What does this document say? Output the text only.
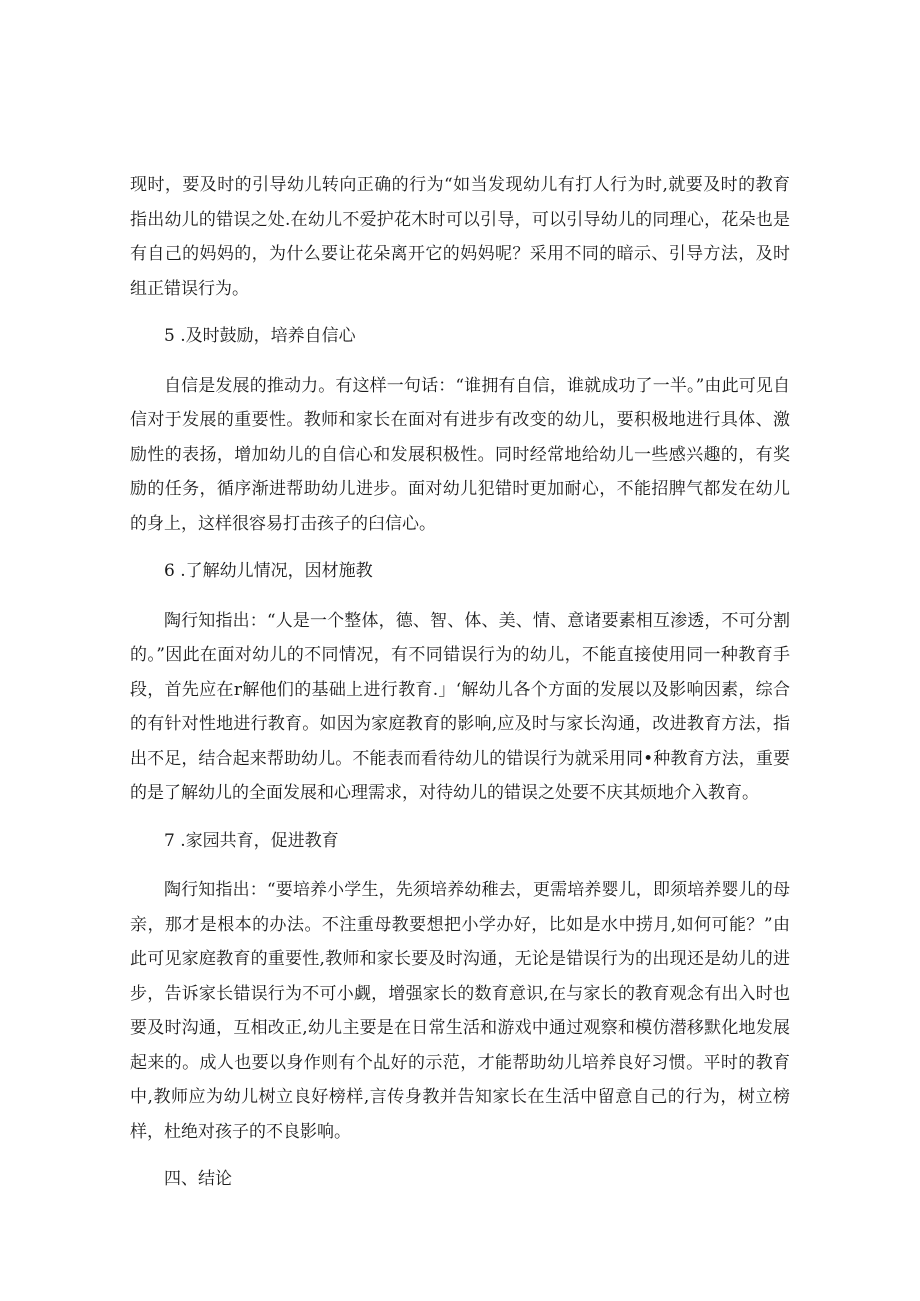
现时，要及时的引导幼儿转向正确的行为“如当发现幼儿有打人行为时,就要及时的教育指出幼儿的错误之处.在幼儿不爱护花木时可以引导，可以引导幼儿的同理心，花朵也是有自己的妈妈的，为什么要让花朵离开它的妈妈呢？采用不同的暗示、引导方法，及时组正错误行为。

5 .及时鼓励，培养自信心

自信是发展的推动力。有这样一句话：“谁拥有自信，谁就成功了一半。”由此可见自信对于发展的重要性。教师和家长在面对有进步有改变的幼儿，要积极地进行具体、激励性的表扬，增加幼儿的自信心和发展积极性。同时经常地给幼儿一些感兴趣的，有奖励的任务，循序渐进帮助幼儿进步。面对幼儿犯错时更加耐心，不能招脾气都发在幼儿的身上，这样很容易打击孩子的臼信心。

6 .了解幼儿情况，因材施教

陶行知指出：“人是一个整体，德、智、体、美、情、意诸要素相互渗透，不可分割的。”因此在面对幼儿的不同情况，有不同错误行为的幼儿，不能直接使用同一种教育手段，首先应在r解他们的基础上进行教育.」‘解幼儿各个方面的发展以及影响因素，综合的有针对性地进行教育。如因为家庭教育的影响,应及时与家长沟通，改进教育方法，指出不足，结合起来帮助幼儿。不能表而看待幼儿的错误行为就采用同•种教育方法，重要的是了解幼儿的全面发展和心理需求，对待幼儿的错误之处要不庆其烦地介入教育。

7 .家园共育，促进教育

陶行知指出：“要培养小学生，先须培养幼稚去，更需培养婴儿，即须培养婴儿的母亲，那才是根本的办法。不注重母教要想把小学办好，比如是水中捞月,如何可能？”由此可见家庭教育的重要性,教师和家长要及时沟通，无论是错误行为的出现还是幼儿的进步，告诉家长错误行为不可小觑，增强家长的数育意识,在与家长的教育观念有出入时也要及时沟通，互相改正,幼儿主要是在日常生活和游戏中通过观察和模仿潜移默化地发展起来的。成人也要以身作则有个乩好的示范，才能帮助幼儿培养良好习惯。平时的教育中,教师应为幼儿树立良好榜样,言传身教并告知家长在生活中留意自己的行为，树立榜样，杜绝对孩子的不良影响。

四、结论
